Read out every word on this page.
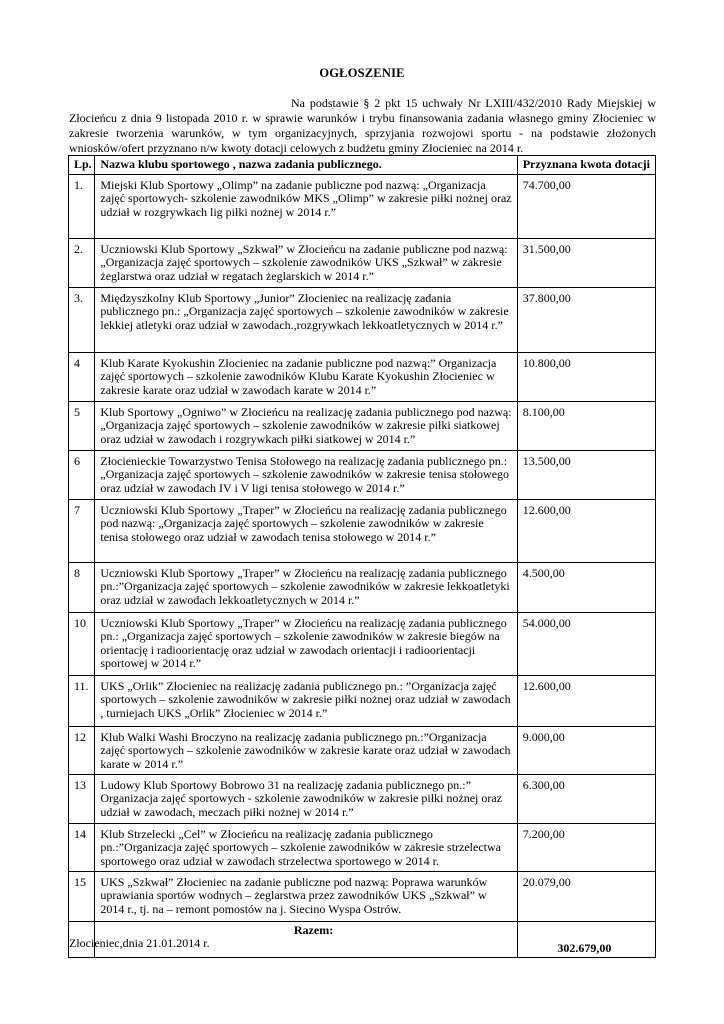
OGŁOSZENIE
Na podstawie § 2 pkt 15 uchwały Nr LXIII/432/2010 Rady Miejskiej w Złocieńcu z dnia 9 listopada 2010 r. w sprawie warunków i trybu finansowania zadania własnego gminy Złocieniec w zakresie tworzenia warunków, w tym organizacyjnych, sprzyjania rozwojowi sportu - na podstawie złożonych wniosków/ofert przyznano n/w kwoty dotacji celowych z budżetu gminy Złocieniec na 2014 r.
Lp.	Nazwa klubu sportowego , nazwa zadania publicznego.	Przyznana kwota dotacji
1.	Miejski Klub Sportowy „Olimp” na zadanie publiczne pod nazwą: „Organizacja zajęć sportowych- szkolenie zawodników MKS „Olimp” w zakresie piłki nożnej oraz udział w rozgrywkach lig piłki nożnej w 2014 r.”	74.700,00
2.	Uczniowski Klub Sportowy „Szkwał” w Złocieńcu na zadanie publiczne pod nazwą: „Organizacja zajęć sportowych – szkolenie zawodników UKS „Szkwał” w zakresie żeglarstwa oraz udział w regatach żeglarskich w 2014 r.”	31.500,00
3.	Międzyszkolny Klub Sportowy „Junior” Złocieniec na realizację zadania publicznego pn.: „Organizacja zajęć sportowych – szkolenie zawodników w zakresie lekkiej atletyki oraz udział w zawodach.,rozgrywkach lekkoatletycznych w 2014 r.”	37.800,00
4	Klub Karate Kyokushin Złocieniec na zadanie publiczne pod nazwą:” Organizacja zajęć sportowych – szkolenie zawodników Klubu Karate Kyokushin Złocieniec w zakresie karate oraz udział w zawodach karate w 2014 r.”	10.800,00
5	Klub Sportowy „Ogniwo” w Złocieńcu na realizację zadania publicznego pod nazwą: „Organizacja zajęć sportowych – szkolenie zawodników w zakresie piłki siatkowej oraz udział w zawodach i rozgrywkach piłki siatkowej w 2014 r.”	8.100,00
6	Złocienieckie Towarzystwo Tenisa Stołowego na realizację zadania publicznego pn.: „Organizacja zajęć sportowych – szkolenie zawodników w zakresie tenisa stołowego oraz udział w zawodach IV i V ligi tenisa stołowego w 2014 r.”	13.500,00
7	Uczniowski Klub Sportowy „Traper” w Złocieńcu na realizację zadania publicznego pod nazwą: „Organizacja zajęć sportowych – szkolenie zawodników w zakresie tenisa stołowego oraz udział w zawodach tenisa stołowego w 2014 r.”	12.600,00
8	Uczniowski Klub Sportowy „Traper” w Złocieńcu na realizację zadania publicznego pn.:”Organizacja zajęć sportowych – szkolenie zawodników w zakresie lekkoatletyki oraz udział w zawodach lekkoatletycznych w 2014 r.”	4.500,00
10	Uczniowski Klub Sportowy „Traper” w Złocieńcu na realizację zadania publicznego pn.: „Organizacja zajęć sportowych – szkolenie zawodników w zakresie biegów na orientację i radioorientację oraz udział w zawodach orientacji i radioorientacji sportowej w 2014 r.”	54.000,00
11.	UKS „Orlik” Złocieniec na realizację zadania publicznego pn.: ”Organizacja zajęć sportowych – szkolenie zawodników w zakresie piłki nożnej oraz udział w zawodach , turniejach UKS „Orlik” Złocieniec w 2014 r.”	12.600,00
12	Klub Walki Washi Broczyno na realizację zadania publicznego pn.:”Organizacja zajęć sportowych – szkolenie zawodników w zakresie karate oraz udział w zawodach karate w 2014 r.”	9.000,00
13	Ludowy Klub Sportowy Bobrowo 31 na realizację zadania publicznego pn.:” Organizacja zajęć sportowych - szkolenie zawodników w zakresie piłki nożnej oraz udział w zawodach, meczach piłki nożnej w 2014 r.”	6.300,00
14	Klub Strzelecki „Cel” w Złocieńcu na realizację zadania publicznego pn.:”Organizacja zajęć sportowych – szkolenie zawodników w zakresie strzelectwa sportowego oraz udział w zawodach strzelectwa sportowego w 2014 r.	7.200,00
15	UKS „Szkwał” Złocieniec na zadanie publiczne pod nazwą: Poprawa warunków uprawiania sportów wodnych – żeglarstwa przez zawodników UKS „Szkwał” w 2014 r., tj. na – remont pomostów na j. Siecino Wyspa Ostrów.	20.079,00

	Razem:	302.679,00
Złocieniec,dnia 21.01.2014 r.
